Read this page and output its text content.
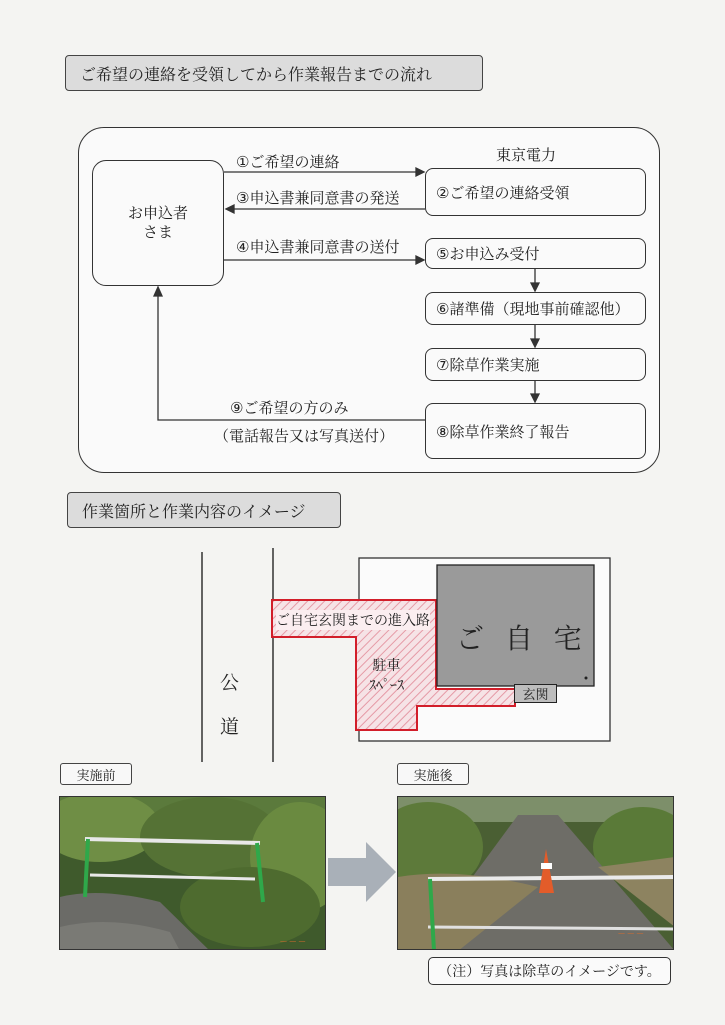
ご希望の連絡を受領してから作業報告までの流れ
お申込者
さま
①ご希望の連絡
③申込書兼同意書の発送
④申込書兼同意書の送付
⑨ご希望の方のみ
（電話報告又は写真送付）
東京電力
②ご希望の連絡受領
⑤お申込み受付
⑥諸準備（現地事前確認他）
⑦除草作業実施
⑧除草作業終了報告
作業箇所と作業内容のイメージ
公
道
ご 自 宅
ご自宅玄関までの進入路
駐車
ｽﾍﾟｰｽ
玄関
実施前	実施後
— — —
— — —
（注）写真は除草のイメージです。
